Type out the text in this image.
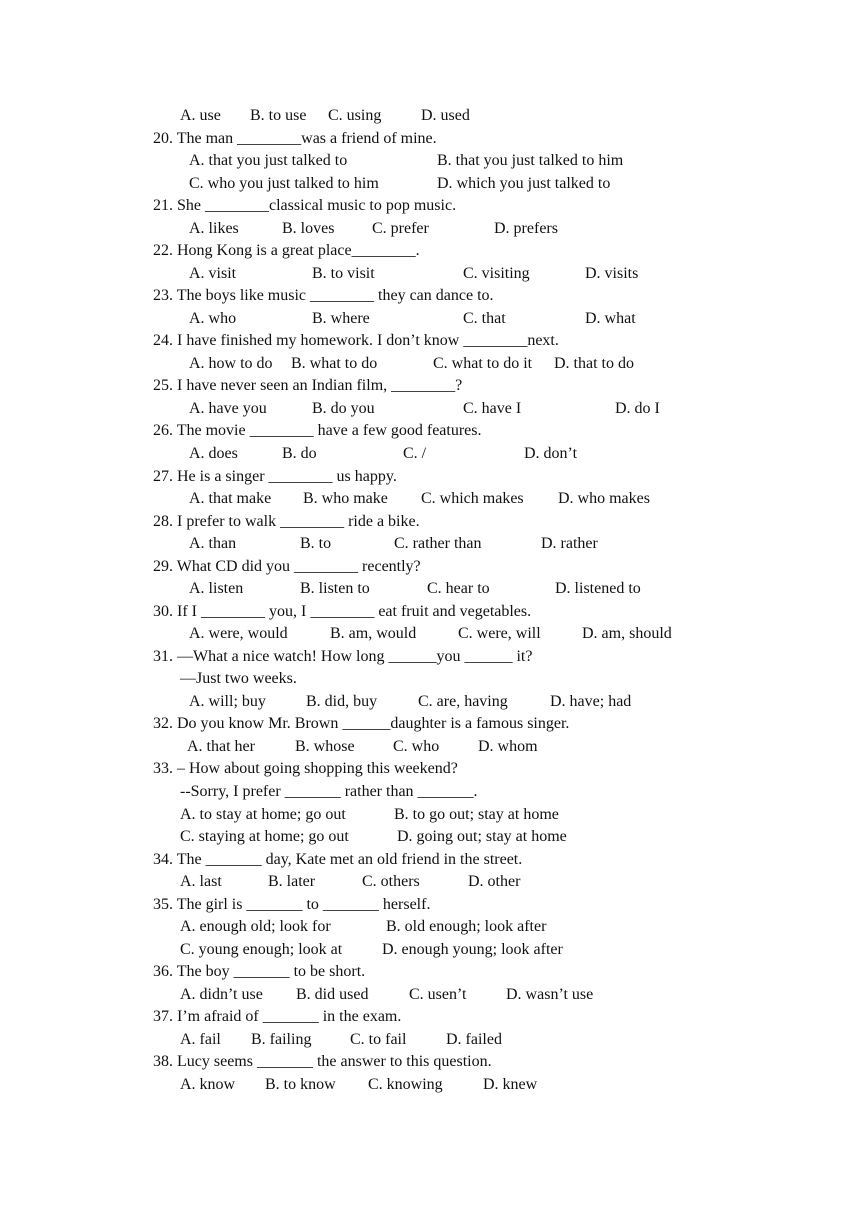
A. use B. to use C. using D. used
20. The man ________was a friend of mine.
A. that you just talked to	B. that you just talked to him
C. who you just talked to him	D. which you just talked to
21. She ________classical music to pop music.
A. likes	B. loves C. prefer	D. prefers
22. Hong Kong is a great place________.
A. visit	B. to visit	C. visiting	D. visits
23. The boys like music ________ they can dance to.
A. who	B. where	C. that	D. what
24. I have finished my homework. I don’t know ________next.
A. how to do B. what to do	C. what to do it D. that to do
25. I have never seen an Indian film, ________?
A. have you	B. do you	C. have I	D. do I
26. The movie ________ have a few good features.
A. does	B. do	C. /	D. don’t
27. He is a singer ________ us happy.
A. that make B. who make C. which makes D. who makes
28. I prefer to walk ________ ride a bike.
A. than	B. to	C. rather than	D. rather
29. What CD did you ________ recently?
A. listen	B. listen to	C. hear to	D. listened to
30. If I ________ you, I ________ eat fruit and vegetables.
A. were, would	B. am, would	C. were, will	D. am, should
31. —What a nice watch! How long ______you ______ it?
—Just two weeks.
A. will; buy	B. did, buy	C. are, having	D. have; had
32. Do you know Mr. Brown ______daughter is a famous singer.
A. that her	B. whose C. who D. whom
33. – How about going shopping this weekend?
--Sorry, I prefer _______ rather than _______.
A. to stay at home; go out	B. to go out; stay at home
C. staying at home; go out	D. going out; stay at home
34. The _______ day, Kate met an old friend in the street.
A. last	B. later	C. others	D. other
35. The girl is _______ to _______ herself.
A. enough old; look for	B. old enough; look after
C. young enough; look at D. enough young; look after
36. The boy _______ to be short.
A. didn’t use B. did used	C. usen’t D. wasn’t use
37. I’m afraid of _______ in the exam.
A. fail B. failing C. to fail D. failed
38. Lucy seems _______ the answer to this question.
A. know B. to know C. knowing	D. knew
